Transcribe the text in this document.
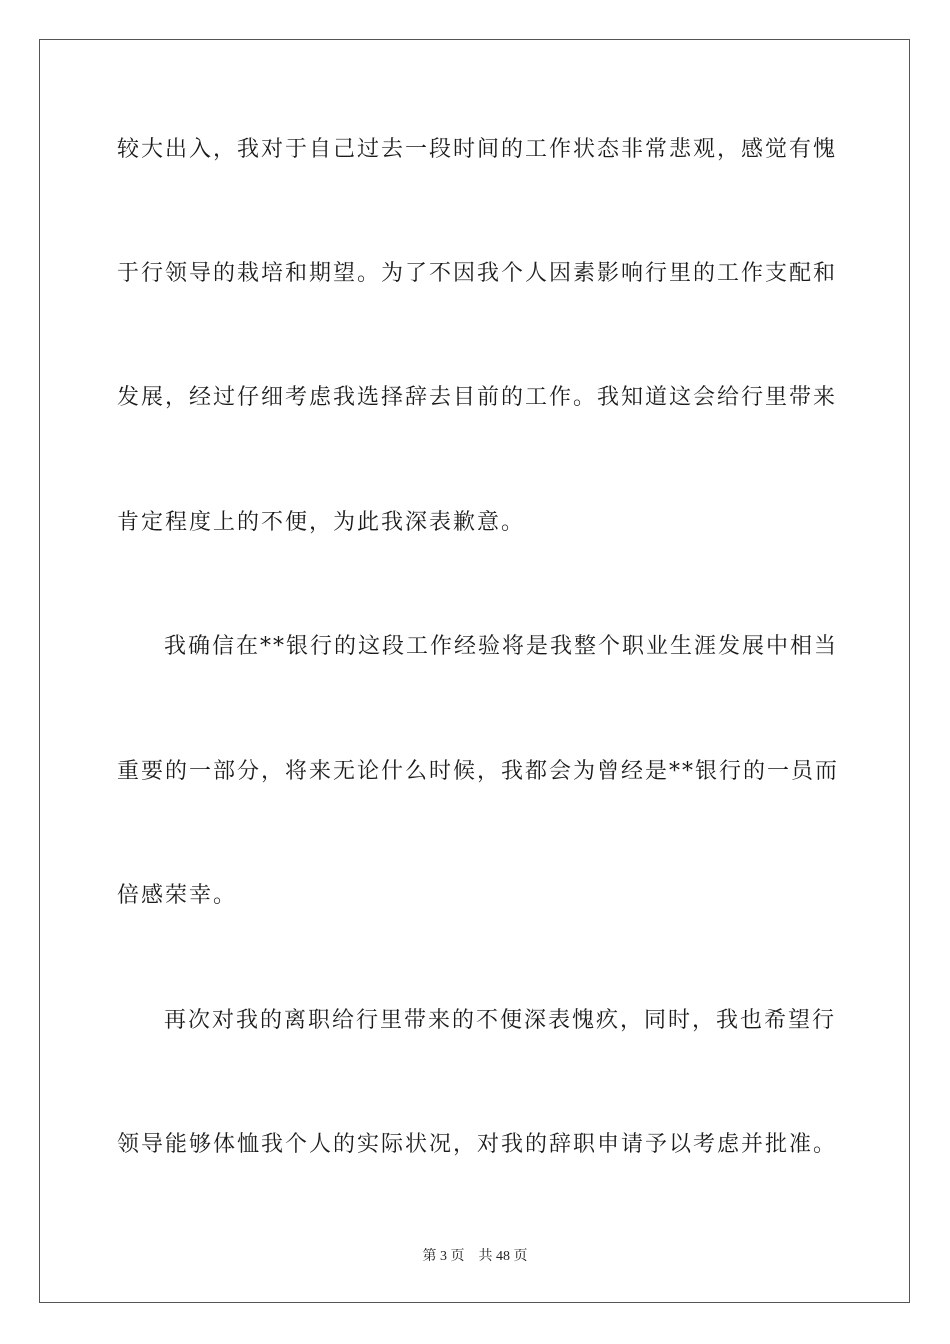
较大出入，我对于自己过去一段时间的工作状态非常悲观，感觉有愧

于行领导的栽培和期望。为了不因我个人因素影响行里的工作支配和

发展，经过仔细考虑我选择辞去目前的工作。我知道这会给行里带来

肯定程度上的不便，为此我深表歉意。

我确信在**银行的这段工作经验将是我整个职业生涯发展中相当

重要的一部分，将来无论什么时候，我都会为曾经是**银行的一员而

倍感荣幸。

再次对我的离职给行里带来的不便深表愧疚，同时，我也希望行

领导能够体恤我个人的实际状况，对我的辞职申请予以考虑并批准。

第 3 页 共 48 页
